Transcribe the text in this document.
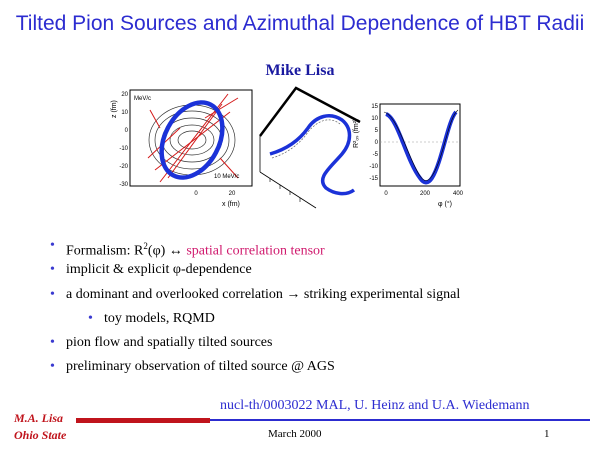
Tilted Pion Sources and Azimuthal Dependence of HBT Radii
Mike Lisa
MeV/c
10 MeV/c
z (fm)
20
10
0
-10
-20
-30
0	20
x (fm)
R²ₒₛ (fm²)
15
10
5
0
-5
-10
-15
0	200	400
φ (°)
• Formalism: $R^2(\varphi)$ ↔ spatial correlation tensor
• implicit & explicit φ-dependence
• a dominant and overlooked correlation → striking experimental signal
• toy models, RQMD
• pion flow and spatially tilted sources
• preliminary observation of tilted source @ AGS
nucl-th/0003022 MAL, U. Heinz and U.A. Wiedemann
M.A. Lisa
Ohio State	March 2000	1
